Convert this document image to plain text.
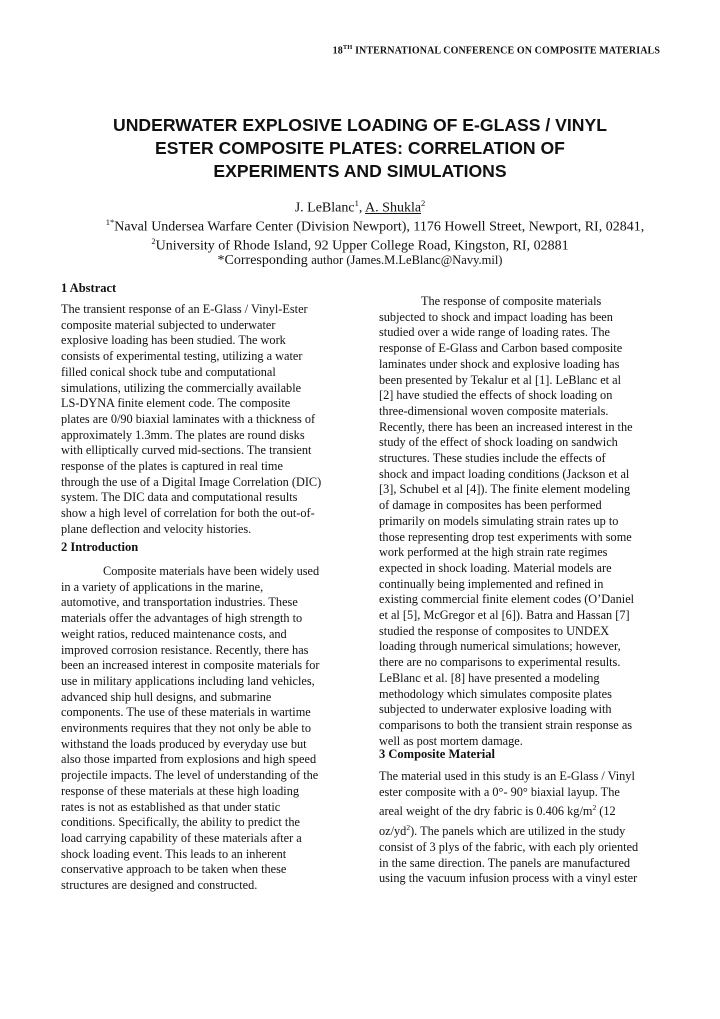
18TH INTERNATIONAL CONFERENCE ON COMPOSITE MATERIALS
UNDERWATER EXPLOSIVE LOADING OF E-GLASS / VINYL
ESTER COMPOSITE PLATES: CORRELATION OF
EXPERIMENTS AND SIMULATIONS
J. LeBlanc$^1$, A. Shukla$^2$
$^{1*}$Naval Undersea Warfare Center (Division Newport), 1176 Howell Street, Newport, RI, 02841,
$^2$University of Rhode Island, 92 Upper College Road, Kingston, RI, 02881
*Corresponding author (James.M.LeBlanc@Navy.mil)
1 Abstract
The transient response of an E-Glass / Vinyl-Ester
composite material subjected to underwater
explosive loading has been studied. The work
consists of experimental testing, utilizing a water
filled conical shock tube and computational
simulations, utilizing the commercially available
LS-DYNA finite element code. The composite
plates are 0/90 biaxial laminates with a thickness of
approximately 1.3mm. The plates are round disks
with elliptically curved mid-sections. The transient
response of the plates is captured in real time
through the use of a Digital Image Correlation (DIC)
system. The DIC data and computational results
show a high level of correlation for both the out-of-
plane deflection and velocity histories.
2 Introduction
Composite materials have been widely used
in a variety of applications in the marine,
automotive, and transportation industries. These
materials offer the advantages of high strength to
weight ratios, reduced maintenance costs, and
improved corrosion resistance. Recently, there has
been an increased interest in composite materials for
use in military applications including land vehicles,
advanced ship hull designs, and submarine
components. The use of these materials in wartime
environments requires that they not only be able to
withstand the loads produced by everyday use but
also those imparted from explosions and high speed
projectile impacts. The level of understanding of the
response of these materials at these high loading
rates is not as established as that under static
conditions. Specifically, the ability to predict the
load carrying capability of these materials after a
shock loading event. This leads to an inherent
conservative approach to be taken when these
structures are designed and constructed.
The response of composite materials
subjected to shock and impact loading has been
studied over a wide range of loading rates. The
response of E-Glass and Carbon based composite
laminates under shock and explosive loading has
been presented by Tekalur et al [1]. LeBlanc et al
[2] have studied the effects of shock loading on
three-dimensional woven composite materials.
Recently, there has been an increased interest in the
study of the effect of shock loading on sandwich
structures. These studies include the effects of
shock and impact loading conditions (Jackson et al
[3], Schubel et al [4]). The finite element modeling
of damage in composites has been performed
primarily on models simulating strain rates up to
those representing drop test experiments with some
work performed at the high strain rate regimes
expected in shock loading. Material models are
continually being implemented and refined in
existing commercial finite element codes (O’Daniel
et al [5], McGregor et al [6]). Batra and Hassan [7]
studied the response of composites to UNDEX
loading through numerical simulations; however,
there are no comparisons to experimental results.
LeBlanc et al. [8] have presented a modeling
methodology which simulates composite plates
subjected to underwater explosive loading with
comparisons to both the transient strain response as
well as post mortem damage.
3 Composite Material
The material used in this study is an E-Glass / Vinyl
ester composite with a 0°- 90° biaxial layup. The
areal weight of the dry fabric is 0.406 $kg/m^2$ (12
$oz/yd^2$). The panels which are utilized in the study
consist of 3 plys of the fabric, with each ply oriented
in the same direction. The panels are manufactured
using the vacuum infusion process with a vinyl ester
